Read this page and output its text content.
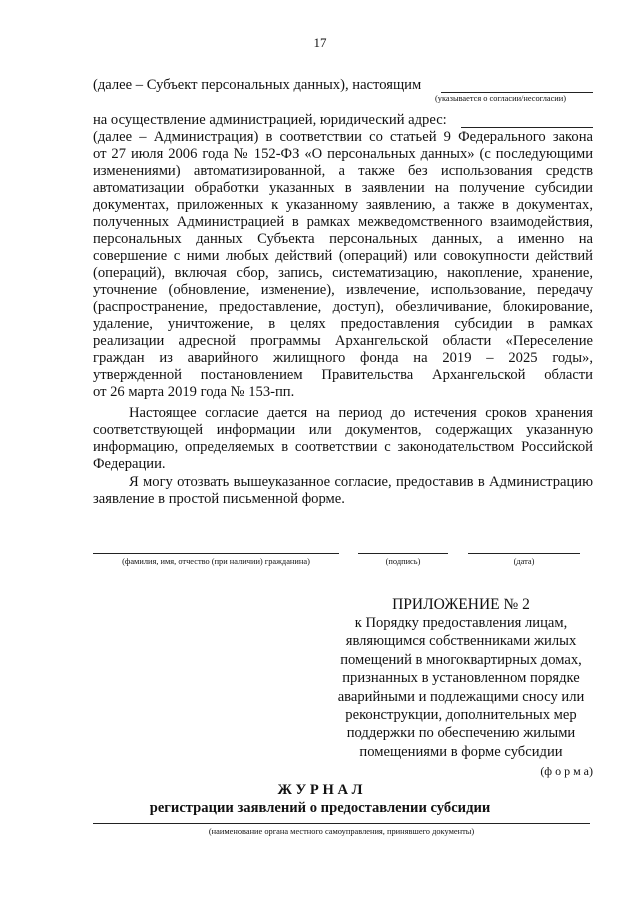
17
(далее – Субъект персональных данных), настоящим
(указывается о согласии/несогласии)
на осуществление администрацией, юридический адрес:
(далее – Администрация) в соответствии со статьей 9 Федерального закона
от 27 июля 2006 года № 152-ФЗ «О персональных данных» (с последующими
изменениями) автоматизированной, а также без использования средств
автоматизации обработки указанных в заявлении на получение субсидии
документах, приложенных к указанному заявлению, а также в документах,
полученных Администрацией в рамках межведомственного взаимодействия,
персональных данных Субъекта персональных данных, а именно на
совершение с ними любых действий (операций) или совокупности действий
(операций), включая сбор, запись, систематизацию, накопление, хранение,
уточнение (обновление, изменение), извлечение, использование, передачу
(распространение, предоставление, доступ), обезличивание, блокирование,
удаление, уничтожение, в целях предоставления субсидии в рамках
реализации адресной программы Архангельской области «Переселение
граждан из аварийного жилищного фонда на 2019 – 2025 годы»,
утвержденной постановлением Правительства Архангельской области
от 26 марта 2019 года № 153-пп.
Настоящее согласие дается на период до истечения сроков хранения
соответствующей информации или документов, содержащих указанную
информацию, определяемых в соответствии с законодательством Российской
Федерации.
Я могу отозвать вышеуказанное согласие, предоставив в Администрацию
заявление в простой письменной форме.
(фамилия, имя, отчество (при наличии) гражданина)	(подпись)	(дата)
ПРИЛОЖЕНИЕ № 2
к Порядку предоставления лицам,
являющимся собственниками жилых
помещений в многоквартирных домах,
признанных в установленном порядке
аварийными и подлежащими сносу или
реконструкции, дополнительных мер
поддержки по обеспечению жилыми
помещениями в форме субсидии
(ф о р м а)
Ж У Р Н А Л
регистрации заявлений о предоставлении субсидии
(наименование органа местного самоуправления, принявшего документы)
